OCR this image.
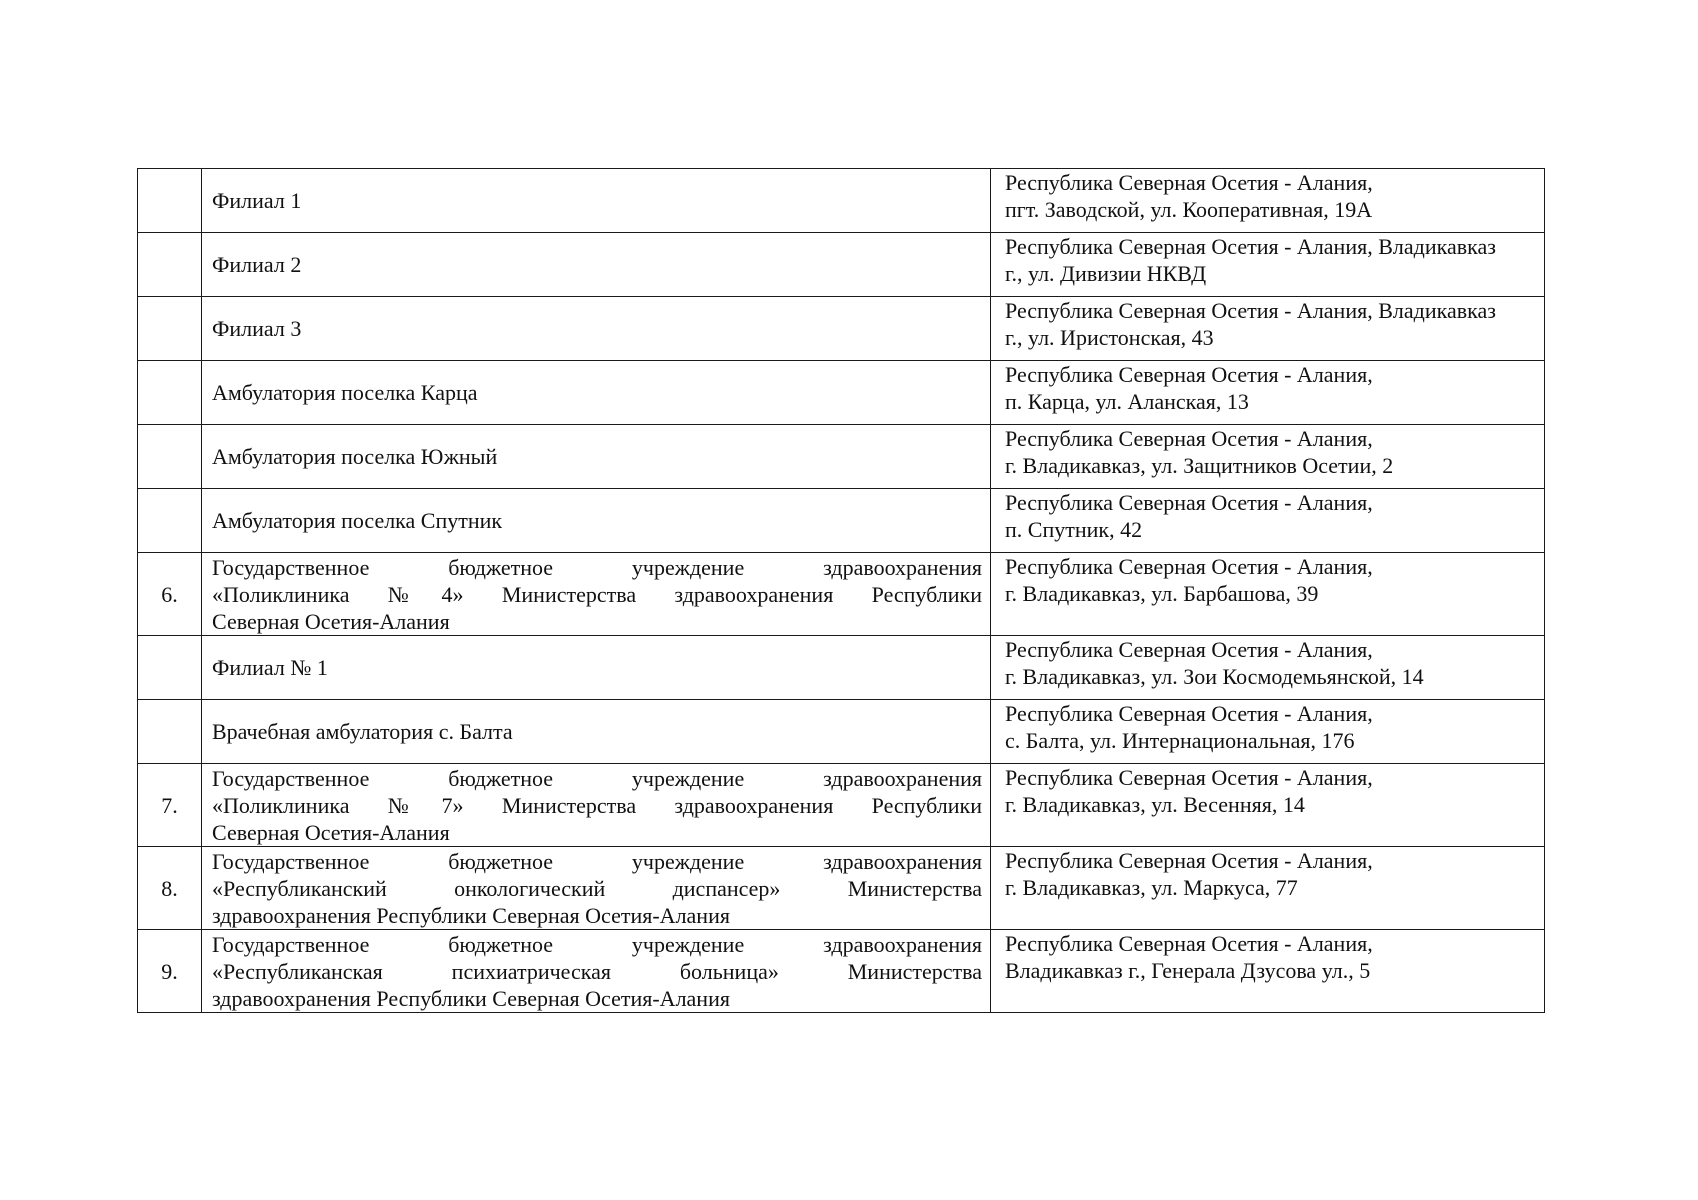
	Филиал 1	Республика Северная Осетия - Алания,
пгт. Заводской, ул. Кооперативная, 19А

	Филиал 2	Республика Северная Осетия - Алания, Владикавказ
г., ул. Дивизии НКВД

	Филиал 3	Республика Северная Осетия - Алания, Владикавказ
г., ул. Иристонская, 43

	Амбулатория поселка Карца	Республика Северная Осетия - Алания,
п. Карца, ул. Аланская, 13

	Амбулатория поселка Южный	Республика Северная Осетия - Алания,
г. Владикавказ, ул. Защитников Осетии, 2

	Амбулатория поселка Спутник	Республика Северная Осетия - Алания,
п. Спутник, 42

6.	Государственное бюджетное учреждение здравоохранения
«Поликлиника №4» Министерства здравоохранения Республики
Северная Осетия-Алания	Республика Северная Осетия - Алания,
г. Владикавказ, ул. Барбашова, 39

	Филиал № 1	Республика Северная Осетия - Алания,
г. Владикавказ, ул. Зои Космодемьянской, 14

	Врачебная амбулатория с. Балта	Республика Северная Осетия - Алания,
с. Балта, ул. Интернациональная, 176

7.	Государственное бюджетное учреждение здравоохранения
«Поликлиника №7» Министерства здравоохранения Республики
Северная Осетия-Алания	Республика Северная Осетия - Алания,
г. Владикавказ, ул. Весенняя, 14

8.	Государственное бюджетное учреждение здравоохранения
«Республиканский онкологический диспансер» Министерства
здравоохранения Республики Северная Осетия-Алания	Республика Северная Осетия - Алания,
г. Владикавказ, ул. Маркуса, 77

9.	Государственное бюджетное учреждение здравоохранения
«Республиканская психиатрическая больница» Министерства
здравоохранения Республики Северная Осетия-Алания	Республика Северная Осетия - Алания,
Владикавказ г., Генерала Дзусова ул., 5
